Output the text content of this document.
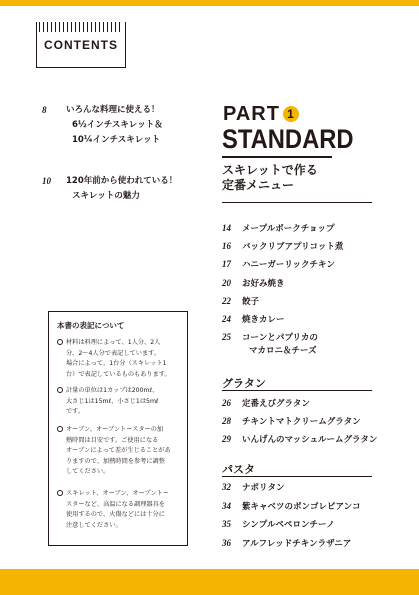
CONTENTS
8 いろんな料理に使える！
6½インチスキレット＆
10¼インチスキレット
10 120年前から使われている！
スキレットの魅力
PART 1
STANDARD
スキレットで作る
定番メニュー
14 メープルポークチョップ
16 バックリブアプリコット煮
17 ハニーガーリックチキン
20 お好み焼き
22 餃子
24 焼きカレー
25 コーンとパプリカの
マカロニ＆チーズ
グラタン
26 定番えびグラタン
28 チキントマトクリームグラタン
29 いんげんのマッシュルームグラタン
パスタ
32 ナポリタン
34 紫キャベツのボンゴレビアンコ
35 シンプルペペロンチーノ
36 アルフレッドチキンラザニア
本書の表記について
材料は料理によって、1人分、2人
分、2～4人分で表記しています。
場合によって、1台分（スキレット1
台）で表記しているものもあります。
計量の単位は1カップは200mℓ、
大さじ1は15mℓ、小さじ1は5mℓ
です。
オーブン、オーブントースターの加
熱時間は目安です。ご使用になる
オーブンによって差が生じることがあ
りますので、加熱時間を参考に調整
してください。
スキレット、オーブン、オーブントー
スターなど、高温になる調理器具を
使用するので、火傷などには十分に
注意してください。
